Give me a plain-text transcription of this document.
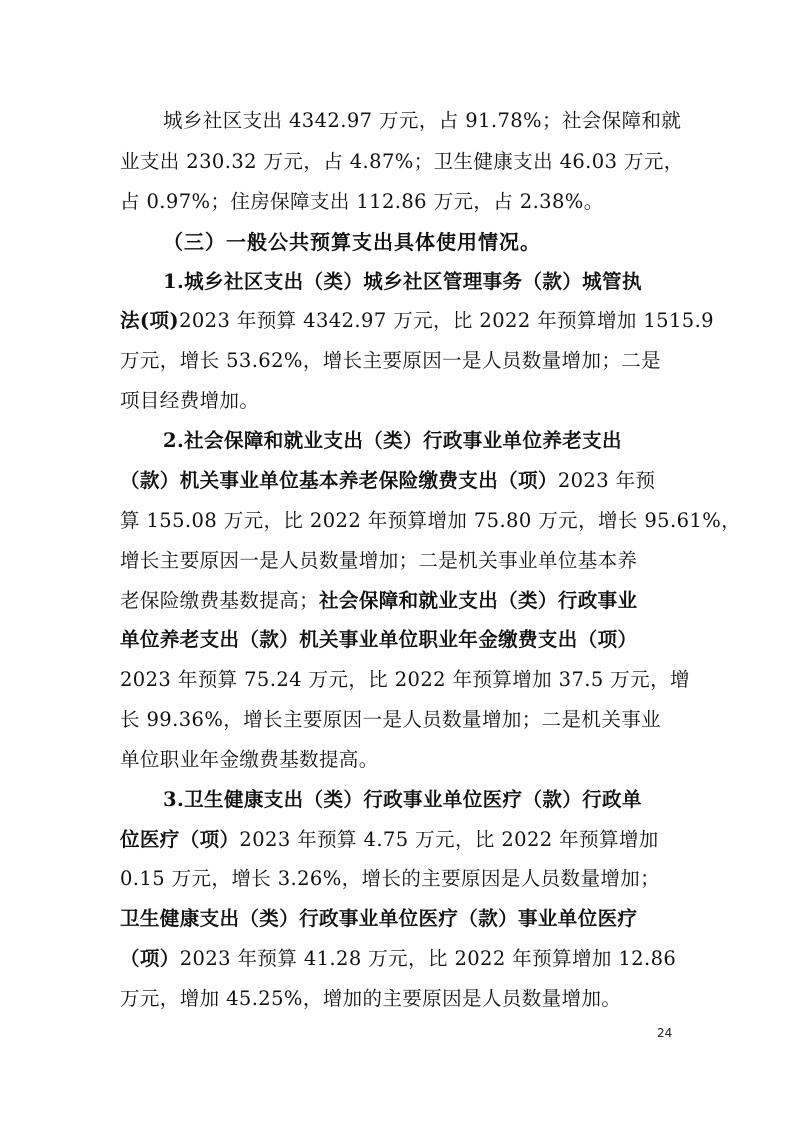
城乡社区支出 4342.97 万元，占 91.78%；社会保障和就
业支出 230.32 万元，占 4.87%；卫生健康支出 46.03 万元，
占 0.97%；住房保障支出 112.86 万元，占 2.38%。
（三）一般公共预算支出具体使用情况。
1.城乡社区支出（类）城乡社区管理事务（款）城管执
法(项)2023 年预算 4342.97 万元，比 2022 年预算增加 1515.9
万元，增长 53.62%，增长主要原因一是人员数量增加；二是
项目经费增加。
2.社会保障和就业支出（类）行政事业单位养老支出
（款）机关事业单位基本养老保险缴费支出（项）2023 年预
算 155.08 万元，比 2022 年预算增加 75.80 万元，增长 95.61%，
增长主要原因一是人员数量增加；二是机关事业单位基本养
老保险缴费基数提高；社会保障和就业支出（类）行政事业
单位养老支出（款）机关事业单位职业年金缴费支出（项）
2023 年预算 75.24 万元，比 2022 年预算增加 37.5 万元，增
长 99.36%，增长主要原因一是人员数量增加；二是机关事业
单位职业年金缴费基数提高。
3.卫生健康支出（类）行政事业单位医疗（款）行政单
位医疗（项）2023 年预算 4.75 万元，比 2022 年预算增加
0.15 万元，增长 3.26%，增长的主要原因是人员数量增加；
卫生健康支出（类）行政事业单位医疗（款）事业单位医疗
（项）2023 年预算 41.28 万元，比 2022 年预算增加 12.86
万元，增加 45.25%，增加的主要原因是人员数量增加。
24
